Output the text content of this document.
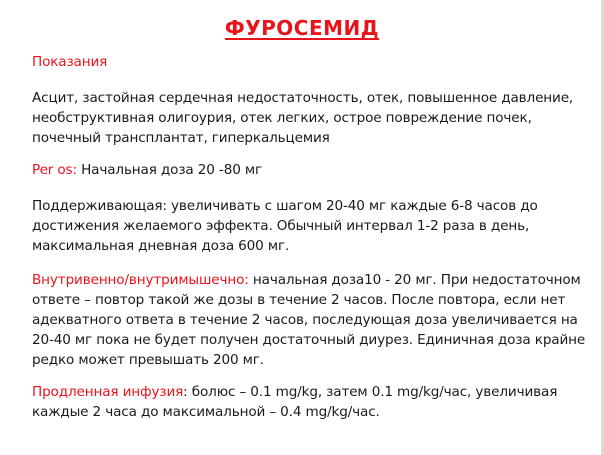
ФУРОСЕМИД
Показания
Асцит, застойная сердечная недостаточность, отек, повышенное давление, необструктивная олигоурия, отек легких, острое повреждение почек, почечный трансплантат, гиперкальцемия
Per os: Начальная доза 20 -80 мг
Поддерживающая: увеличивать с шагом 20-40 мг каждые 6-8 часов до достижения желаемого эффекта. Обычный интервал 1-2 раза в день, максимальная дневная доза 600 мг.
Внутривенно/внутримышечно: начальная доза10 - 20 мг. При недостаточном ответе – повтор такой же дозы в течение 2 часов. После повтора, если нет адекватного ответа в течение 2 часов, последующая доза увеличивается на 20-40 мг пока не будет получен достаточный диурез. Единичная доза крайне редко может превышать 200 мг.
Продленная инфузия: болюс – 0.1 mg/kg, затем 0.1 mg/kg/час, увеличивая каждые 2 часа до максимальной – 0.4 mg/kg/час.
